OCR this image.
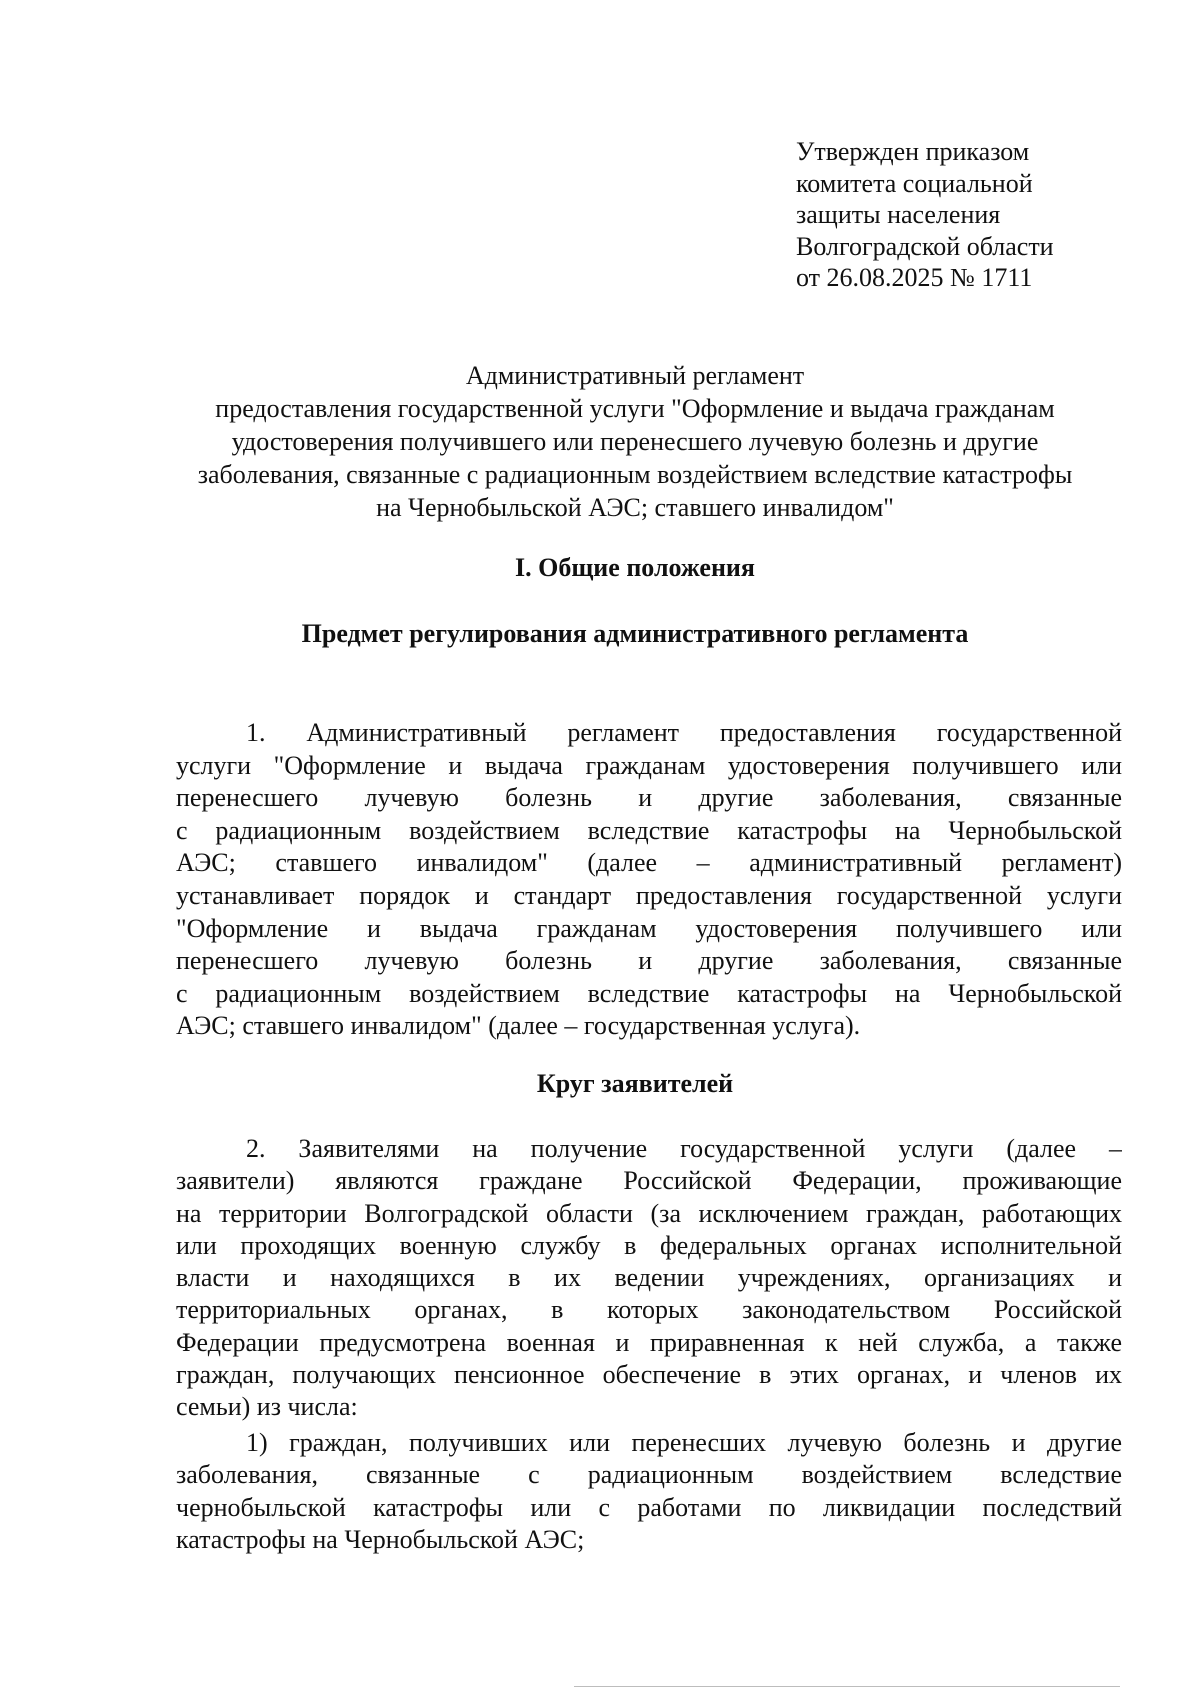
Утвержден приказом
комитета социальной
защиты населения
Волгоградской области
от 26.08.2025 № 1711
Административный регламент
предоставления государственной услуги "Оформление и выдача гражданам
удостоверения получившего или перенесшего лучевую болезнь и другие
заболевания, связанные с радиационным воздействием вследствие катастрофы
на Чернобыльской АЭС; ставшего инвалидом"
I. Общие положения
Предмет регулирования административного регламента
1. Административный регламент предоставления государственной
услуги "Оформление и выдача гражданам удостоверения получившего или
перенесшего лучевую болезнь и другие заболевания, связанные
с радиационным воздействием вследствие катастрофы на Чернобыльской
АЭС; ставшего инвалидом" (далее – административный регламент)
устанавливает порядок и стандарт предоставления государственной услуги
"Оформление и выдача гражданам удостоверения получившего или
перенесшего лучевую болезнь и другие заболевания, связанные
с радиационным воздействием вследствие катастрофы на Чернобыльской
АЭС; ставшего инвалидом" (далее – государственная услуга).
Круг заявителей
2. Заявителями на получение государственной услуги (далее –
заявители) являются граждане Российской Федерации, проживающие
на территории Волгоградской области (за исключением граждан, работающих
или проходящих военную службу в федеральных органах исполнительной
власти и находящихся в их ведении учреждениях, организациях и
территориальных органах, в которых законодательством Российской
Федерации предусмотрена военная и приравненная к ней служба, а также
граждан, получающих пенсионное обеспечение в этих органах, и членов их
семьи) из числа:
1) граждан, получивших или перенесших лучевую болезнь и другие
заболевания, связанные с радиационным воздействием вследствие
чернобыльской катастрофы или с работами по ликвидации последствий
катастрофы на Чернобыльской АЭС;
